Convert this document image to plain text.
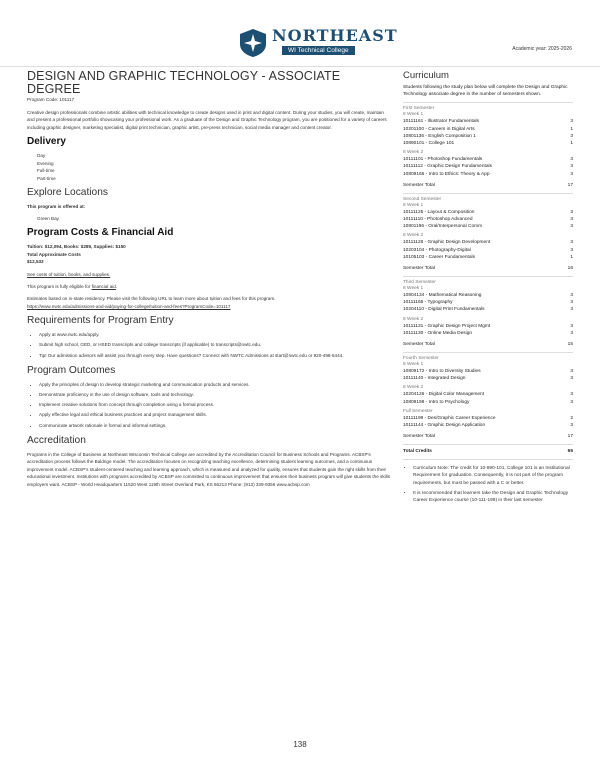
NORTHEAST
WI Technical College	Academic year: 2025-2026
DESIGN AND GRAPHIC TECHNOLOGY - ASSOCIATE DEGREE
Program Code: 101117

Creative design professionals combine artistic abilities with technical knowledge to create designs used in print and digital content. During your studies, you will create, maintain and present a professional portfolio showcasing your professional work. As a graduate of the Design and Graphic Technology program, you are positioned for a variety of careers including graphic designer, marketing specialist, digital print technician, graphic artist, pre-press technician, social media manager and content creator.

Delivery
Day
Evening
Full-time
Part-time
Explore Locations

This program is offered at:

Green Bay

Program Costs & Financial Aid

Tuition: $12,094, Books: $289, Supplies: $150

Total Approximate Costs

$12,533

See costs of tuition, books, and supplies.

This program is fully eligible for financial aid.

Estimates based on in-state residency. Please visit the following URL to learn more about tuition and fees for this program.

https://www.nwtc.edu/admissions-and-aid/paying-for-college/tuition-and-fees?ProgramCode=101117

Requirements for Program Entry
• Apply at www.nwtc.edu/apply.
• Submit high school, GED, or HSED transcripts and college transcripts (if applicable) to transcripts@nwtc.edu.
• Tip! Our admission advisors will assist you through every step. Have questions? Connect with NWTC Admissions at start@nwtc.edu or 920-498-5444.
Program Outcomes
• Apply the principles of design to develop strategic marketing and communication products and services.
• Demonstrate proficiency in the use of design software, tools and technology.
• Implement creative solutions from concept through completion using a formal process.
• Apply effective legal and ethical business practices and project management skills.
• Communicate artwork rationale in formal and informal settings.
Accreditation

Programs in the College of Business at Northeast Wisconsin Technical College are accredited by the Accreditation Council for Business Schools and Programs. ACBSP's accreditation process follows the Baldrige model. The accreditation focuses on recognizing teaching excellence, determining student learning outcomes, and a continuous improvement model. ACBSP's student-centered teaching and learning approach, which is measured and analyzed for quality, ensures that students gain the right skills from their educational investment. Institutions with programs accredited by ACBSP are committed to continuous improvement that ensures their business program will give students the skills employers want. ACBSP - World Headquarters 11520 West 119th Street Overland Park, KS 66213 Phone: (913) 339-9356 www.acbsp.com

Curriculum
Students following the study plan below will complete the Design and Graphic Technology associate degree in the number of semesters shown.
First Semester
8 Week 1
10111161 - Illustrator Fundamentals	3
10201100 - Careers in Digital Arts	1
10801136 - English Composition 1	3
10890101 - College 101	1
8 Week 2
10111101 - Photoshop Fundamentals	3
10111112 - Graphic Design Fundamentals	3
10809166 - Intro to Ethics: Theory & App	3
Semester Total	17
Second Semester
8 Week 1
10111125 - Layout & Composition	3
10111110 - Photoshop Advanced	3
10801196 - Oral/Interpersonal Comm	3
8 Week 2
10111126 - Graphic Design Development	3
10203104 - Photography-Digital	3
10105103 - Career Fundamentals	1
Semester Total	16
Third Semester
8 Week 1
10804134 - Mathematical Reasoning	3
10111165 - Typography	3
10204110 - Digital Print Fundamentals	3
8 Week 2
10111131 - Graphic Design Project Mgmt	3
10111130 - Online Media Design	3
Semester Total	15
Fourth Semester
8 Week 1
10809172 - Intro to Diversity Studies	3
10111140 - Integrated Design	3
8 Week 2
10204126 - Digital Color Management	3
10809198 - Intro to Psychology	3
Full Semester
10111199 - Des/Graphic Career Experience	2
10111144 - Graphic Design Application	3
Semester Total	17
Total Credits	65
• Curriculum Note: The credit for 10-890-101, College 101 is an Institutional Requirement for graduation. Consequently, it is not part of the program requirements, but must be passed with a C or better.
• It is recommended that learners take the Design and Graphic Technology Career Experience course (10-111-199) in their last semester.
138
